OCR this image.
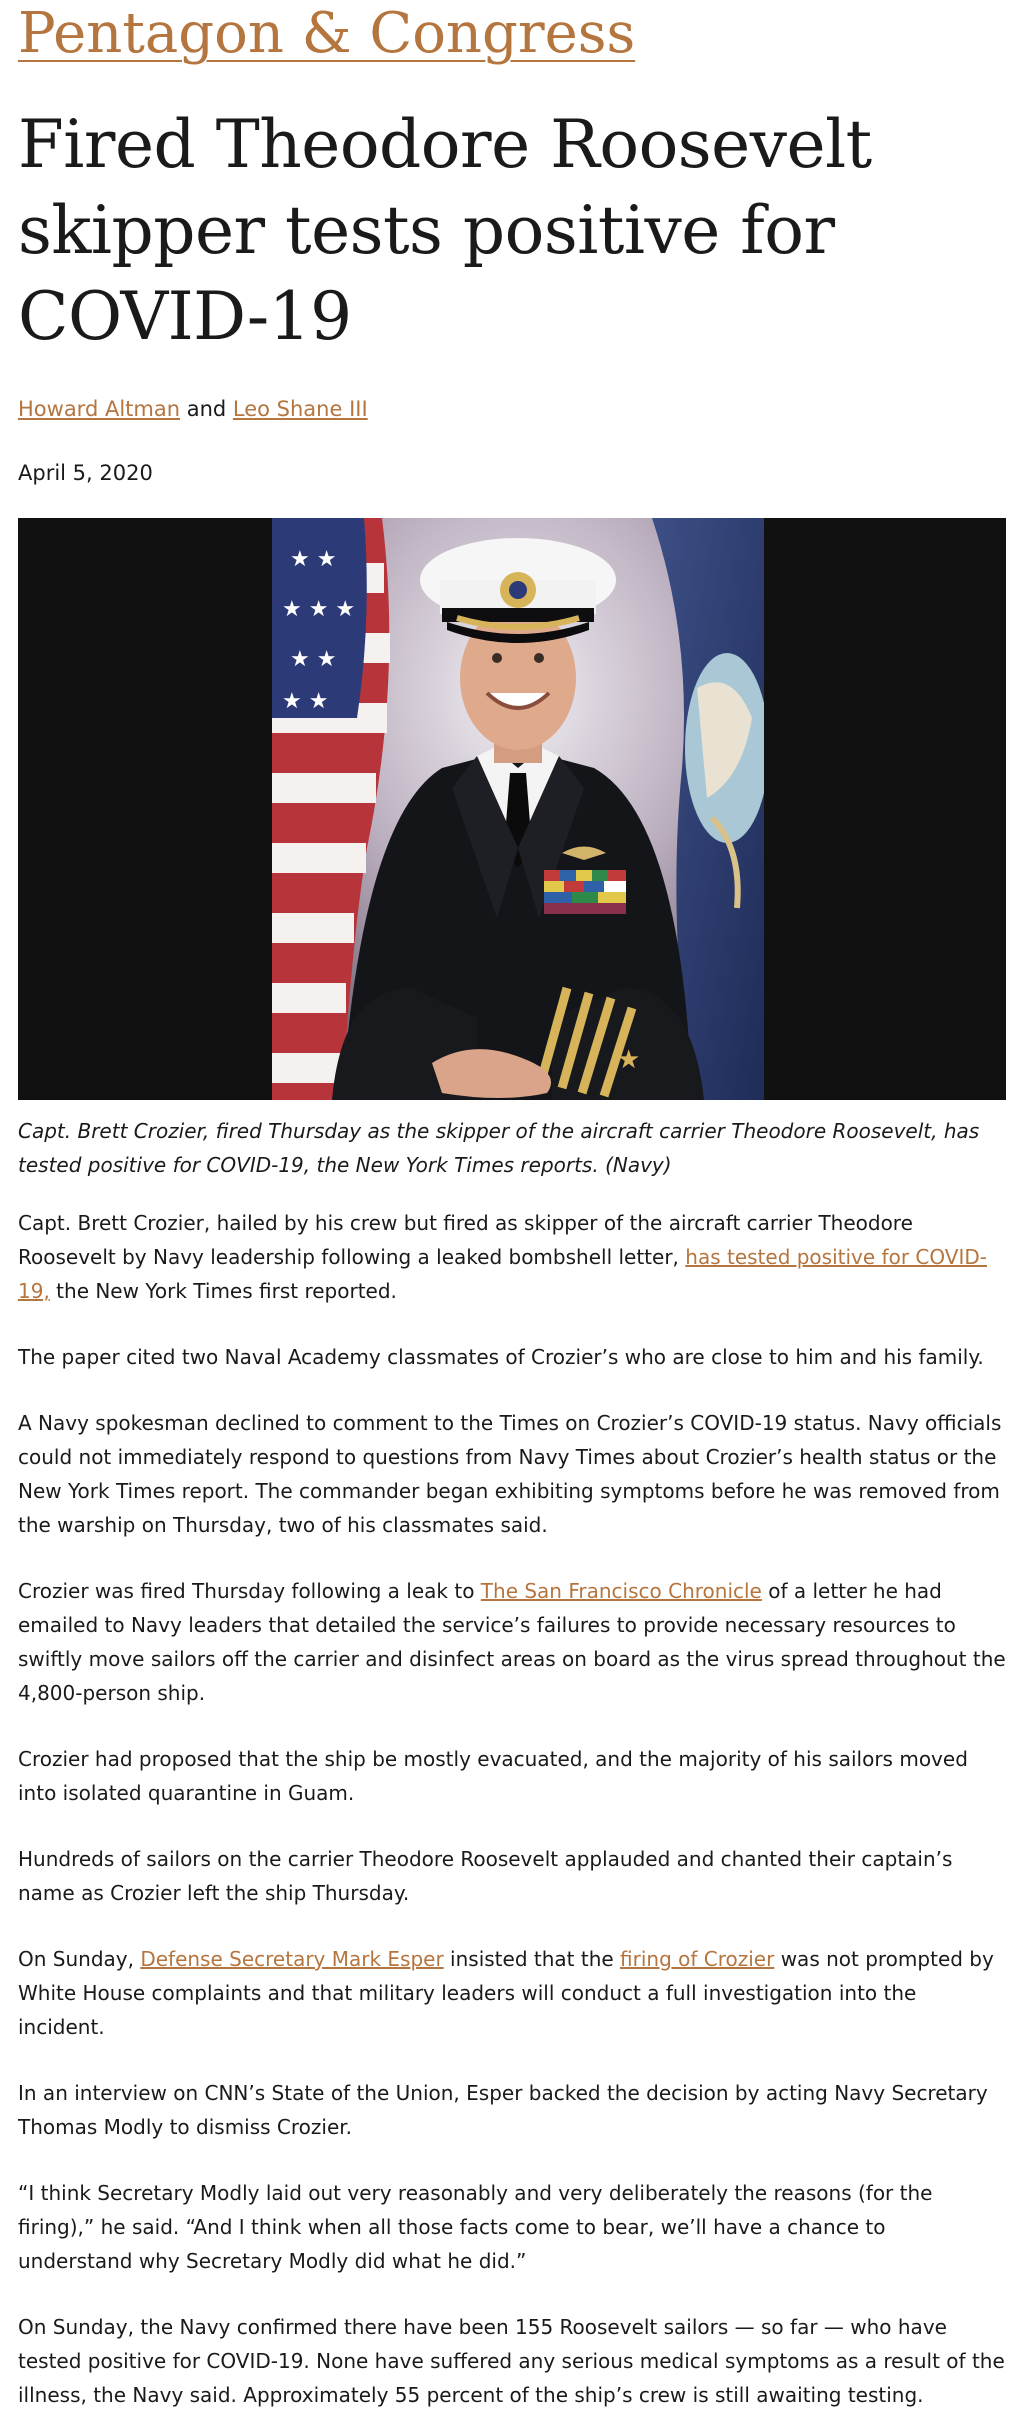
Pentagon & Congress
Fired Theodore Roosevelt skipper tests positive for COVID-19
Howard Altman and Leo Shane III
April 5, 2020
★ ★
★ ★ ★
★ ★
★ ★
★
Capt. Brett Crozier, fired Thursday as the skipper of the aircraft carrier Theodore Roosevelt, has tested positive for COVID-19, the New York Times reports. (Navy)

Capt. Brett Crozier, hailed by his crew but fired as skipper of the aircraft carrier Theodore Roosevelt by Navy leadership following a leaked bombshell letter, has tested positive for COVID-19, the New York Times first reported.

The paper cited two Naval Academy classmates of Crozier’s who are close to him and his family.

A Navy spokesman declined to comment to the Times on Crozier’s COVID-19 status. Navy officials could not immediately respond to questions from Navy Times about Crozier’s health status or the New York Times report. The commander began exhibiting symptoms before he was removed from the warship on Thursday, two of his classmates said.

Crozier was fired Thursday following a leak to The San Francisco Chronicle of a letter he had emailed to Navy leaders that detailed the service’s failures to provide necessary resources to swiftly move sailors off the carrier and disinfect areas on board as the virus spread throughout the 4,800-person ship.

Crozier had proposed that the ship be mostly evacuated, and the majority of his sailors moved into isolated quarantine in Guam.

Hundreds of sailors on the carrier Theodore Roosevelt applauded and chanted their captain’s name as Crozier left the ship Thursday.

On Sunday, Defense Secretary Mark Esper insisted that the firing of Crozier was not prompted by White House complaints and that military leaders will conduct a full investigation into the incident.

In an interview on CNN’s State of the Union, Esper backed the decision by acting Navy Secretary Thomas Modly to dismiss Crozier.

“I think Secretary Modly laid out very reasonably and very deliberately the reasons (for the firing),” he said. “And I think when all those facts come to bear, we’ll have a chance to understand why Secretary Modly did what he did.”

On Sunday, the Navy confirmed there have been 155 Roosevelt sailors — so far — who have tested positive for COVID-19. None have suffered any serious medical symptoms as a result of the illness, the Navy said. Approximately 55 percent of the ship’s crew is still awaiting testing.
